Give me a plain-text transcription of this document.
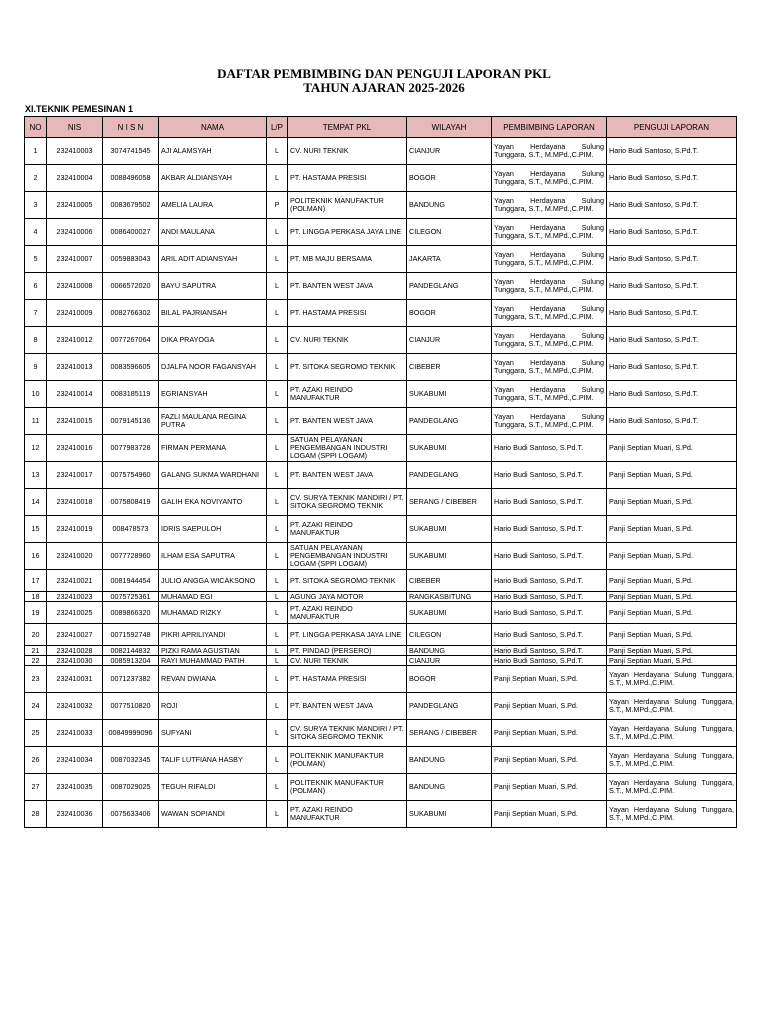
DAFTAR PEMBIMBING DAN PENGUJI LAPORAN PKL
TAHUN AJARAN 2025-2026
XI.TEKNIK PEMESINAN 1
NO	NIS	N I S N	NAMA	L/P	TEMPAT PKL	WILAYAH	PEMBIMBING LAPORAN	PENGUJI LAPORAN
1	232410003	3074741545	AJI ALAMSYAH	L	CV. NURI TEKNIK	CIANJUR	Yayan Herdayana Sulung Tunggara, S.T., M.MPd.,C.PIM.	Hario Budi Santoso, S.Pd.T.
2	232410004	0088496058	AKBAR ALDIANSYAH	L	PT. HASTAMA PRESISI	BOGOR	Yayan Herdayana Sulung Tunggara, S.T., M.MPd.,C.PIM.	Hario Budi Santoso, S.Pd.T.
3	232410005	0083679502	AMELIA LAURA	P	POLITEKNIK MANUFAKTUR (POLMAN)	BANDUNG	Yayan Herdayana Sulung Tunggara, S.T., M.MPd.,C.PIM.	Hario Budi Santoso, S.Pd.T.
4	232410006	0086400027	ANDI MAULANA	L	PT. LINGGA PERKASA JAYA LINE	CILEGON	Yayan Herdayana Sulung Tunggara, S.T., M.MPd.,C.PIM.	Hario Budi Santoso, S.Pd.T.
5	232410007	0059883043	ARIL ADIT ADIANSYAH	L	PT. MB MAJU BERSAMA	JAKARTA	Yayan Herdayana Sulung Tunggara, S.T., M.MPd.,C.PIM.	Hario Budi Santoso, S.Pd.T.
6	232410008	0066572020	BAYU SAPUTRA	L	PT. BANTEN WEST JAVA	PANDEGLANG	Yayan Herdayana Sulung Tunggara, S.T., M.MPd.,C.PIM.	Hario Budi Santoso, S.Pd.T.
7	232410009	0082766302	BILAL PAJRIANSAH	L	PT. HASTAMA PRESISI	BOGOR	Yayan Herdayana Sulung Tunggara, S.T., M.MPd.,C.PIM.	Hario Budi Santoso, S.Pd.T.
8	232410012	0077267064	DIKA PRAYOGA	L	CV. NURI TEKNIK	CIANJUR	Yayan Herdayana Sulung Tunggara, S.T., M.MPd.,C.PIM.	Hario Budi Santoso, S.Pd.T.
9	232410013	0083596605	DJALFA NOOR FAGANSYAH	L	PT. SITOKA SEGROMO TEKNIK	CIBEBER	Yayan Herdayana Sulung Tunggara, S.T., M.MPd.,C.PIM.	Hario Budi Santoso, S.Pd.T.
10	232410014	0083185119	EGRIANSYAH	L	PT. AZAKI REINDO MANUFAKTUR	SUKABUMI	Yayan Herdayana Sulung Tunggara, S.T., M.MPd.,C.PIM.	Hario Budi Santoso, S.Pd.T.
11	232410015	0079145136	FAZLI MAULANA REGINA PUTRA	L	PT. BANTEN WEST JAVA	PANDEGLANG	Yayan Herdayana Sulung Tunggara, S.T., M.MPd.,C.PIM.	Hario Budi Santoso, S.Pd.T.
12	232410016	0077983728	FIRMAN PERMANA	L	SATUAN PELAYANAN PENGEMBANGAN INDUSTRI LOGAM (SPPI LOGAM)	SUKABUMI	Hario Budi Santoso, S.Pd.T.	Panji Septian Muari, S.Pd.
13	232410017	0075754960	GALANG SUKMA WARDHANI	L	PT. BANTEN WEST JAVA	PANDEGLANG	Hario Budi Santoso, S.Pd.T.	Panji Septian Muari, S.Pd.
14	232410018	0075808419	GALIH EKA NOVIYANTO	L	CV. SURYA TEKNIK MANDIRI / PT. SITOKA SEGROMO TEKNIK	SERANG / CIBEBER	Hario Budi Santoso, S.Pd.T.	Panji Septian Muari, S.Pd.
15	232410019	008478573	IDRIS SAEPULOH	L	PT. AZAKI REINDO MANUFAKTUR	SUKABUMI	Hario Budi Santoso, S.Pd.T.	Panji Septian Muari, S.Pd.
16	232410020	0077728960	ILHAM ESA SAPUTRA	L	SATUAN PELAYANAN PENGEMBANGAN INDUSTRI LOGAM (SPPI LOGAM)	SUKABUMI	Hario Budi Santoso, S.Pd.T.	Panji Septian Muari, S.Pd.
17	232410021	0081944454	JULIO ANGGA WICAKSONO	L	PT. SITOKA SEGROMO TEKNIK	CIBEBER	Hario Budi Santoso, S.Pd.T.	Panji Septian Muari, S.Pd.
18	232410023	0075725361	MUHAMAD EGI	L	AGUNG JAYA MOTOR	RANGKASBITUNG	Hario Budi Santoso, S.Pd.T.	Panji Septian Muari, S.Pd.
19	232410025	0089866320	MUHAMAD RIZKY	L	PT. AZAKI REINDO MANUFAKTUR	SUKABUMI	Hario Budi Santoso, S.Pd.T.	Panji Septian Muari, S.Pd.
20	232410027	0071592748	PIKRI APRILIYANDI	L	PT. LINGGA PERKASA JAYA LINE	CILEGON	Hario Budi Santoso, S.Pd.T.	Panji Septian Muari, S.Pd.
21	232410028	0082144832	PIZKI RAMA AGUSTIAN	L	PT. PINDAD (PERSERO)	BANDUNG	Hario Budi Santoso, S.Pd.T.	Panji Septian Muari, S.Pd.
22	232410030	0085913204	RAYI MUHAMMAD PATIH	L	CV. NURI TEKNIK	CIANJUR	Hario Budi Santoso, S.Pd.T.	Panji Septian Muari, S.Pd.
23	232410031	0071237382	REVAN DWIANA	L	PT. HASTAMA PRESISI	BOGOR	Panji Septian Muari, S.Pd.	Yayan Herdayana Sulung Tunggara, S.T., M.MPd.,C.PIM.
24	232410032	0077510820	ROJI	L	PT. BANTEN WEST JAVA	PANDEGLANG	Panji Septian Muari, S.Pd.	Yayan Herdayana Sulung Tunggara, S.T., M.MPd.,C.PIM.
25	232410033	00849999096	SUFYANI	L	CV. SURYA TEKNIK MANDIRI / PT. SITOKA SEGROMO TEKNIK	SERANG / CIBEBER	Panji Septian Muari, S.Pd.	Yayan Herdayana Sulung Tunggara, S.T., M.MPd.,C.PIM.
26	232410034	0087032345	TALIF LUTFIANA HASBY	L	POLITEKNIK MANUFAKTUR (POLMAN)	BANDUNG	Panji Septian Muari, S.Pd.	Yayan Herdayana Sulung Tunggara, S.T., M.MPd.,C.PIM.
27	232410035	0087029025	TEGUH RIFALDI	L	POLITEKNIK MANUFAKTUR (POLMAN)	BANDUNG	Panji Septian Muari, S.Pd.	Yayan Herdayana Sulung Tunggara, S.T., M.MPd.,C.PIM.
28	232410036	0075633406	WAWAN SOPIANDI	L	PT. AZAKI REINDO MANUFAKTUR	SUKABUMI	Panji Septian Muari, S.Pd.	Yayan Herdayana Sulung Tunggara, S.T., M.MPd.,C.PIM.
